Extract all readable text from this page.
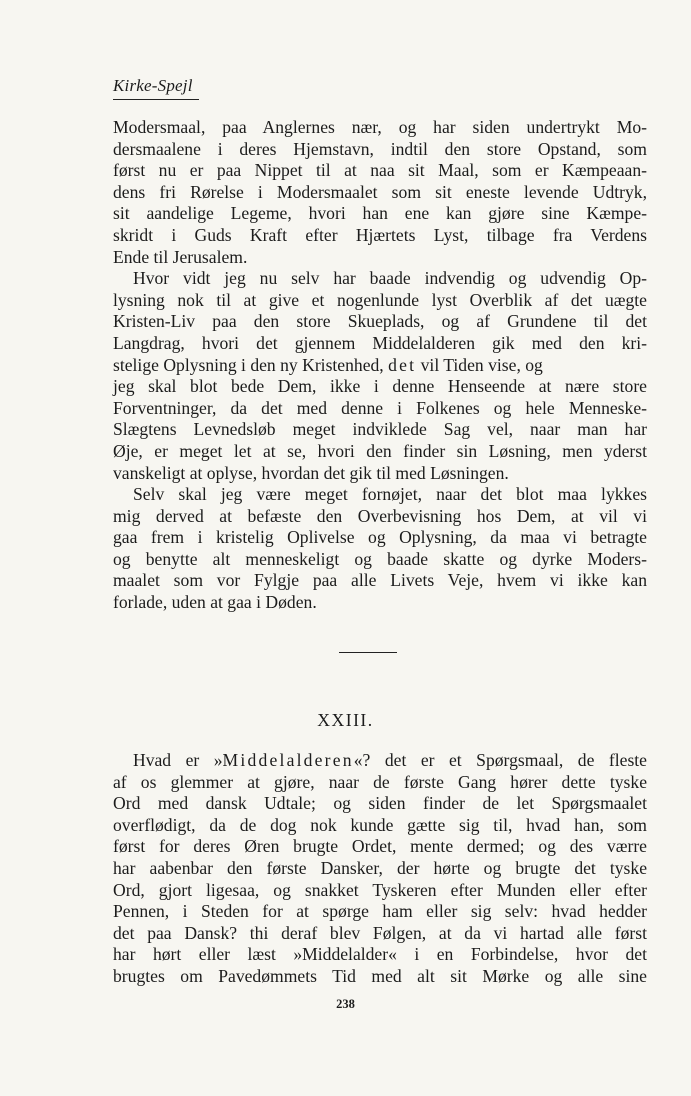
Kirke-Spejl
Modersmaal, paa Anglernes nær, og har siden undertrykt Mo-
dersmaalene i deres Hjemstavn, indtil den store Opstand, som
først nu er paa Nippet til at naa sit Maal, som er Kæmpeaan-
dens fri Rørelse i Modersmaalet som sit eneste levende Udtryk,
sit aandelige Legeme, hvori han ene kan gjøre sine Kæmpe-
skridt i Guds Kraft efter Hjærtets Lyst, tilbage fra Verdens
Ende til Jerusalem.
Hvor vidt jeg nu selv har baade indvendig og udvendig Op-
lysning nok til at give et nogenlunde lyst Overblik af det uægte
Kristen-Liv paa den store Skueplads, og af Grundene til det
Langdrag, hvori det gjennem Middelalderen gik med den kri-
stelige Oplysning i den ny Kristenhed, det vil Tiden vise, og
jeg skal blot bede Dem, ikke i denne Henseende at nære store
Forventninger, da det med denne i Folkenes og hele Menneske-
Slægtens Levnedsløb meget indviklede Sag vel, naar man har
Øje, er meget let at se, hvori den finder sin Løsning, men yderst
vanskeligt at oplyse, hvordan det gik til med Løsningen.
Selv skal jeg være meget fornøjet, naar det blot maa lykkes
mig derved at befæste den Overbevisning hos Dem, at vil vi
gaa frem i kristelig Oplivelse og Oplysning, da maa vi betragte
og benytte alt menneskeligt og baade skatte og dyrke Moders-
maalet som vor Fylgje paa alle Livets Veje, hvem vi ikke kan
forlade, uden at gaa i Døden.
XXIII.
Hvad er »Middelalderen«? det er et Spørgsmaal, de fleste
af os glemmer at gjøre, naar de første Gang hører dette tyske
Ord med dansk Udtale; og siden finder de let Spørgsmaalet
overflødigt, da de dog nok kunde gætte sig til, hvad han, som
først for deres Øren brugte Ordet, mente dermed; og des værre
har aabenbar den første Dansker, der hørte og brugte det tyske
Ord, gjort ligesaa, og snakket Tyskeren efter Munden eller efter
Pennen, i Steden for at spørge ham eller sig selv: hvad hedder
det paa Dansk? thi deraf blev Følgen, at da vi hartad alle først
har hørt eller læst »Middelalder« i en Forbindelse, hvor det
brugtes om Pavedømmets Tid med alt sit Mørke og alle sine
238
